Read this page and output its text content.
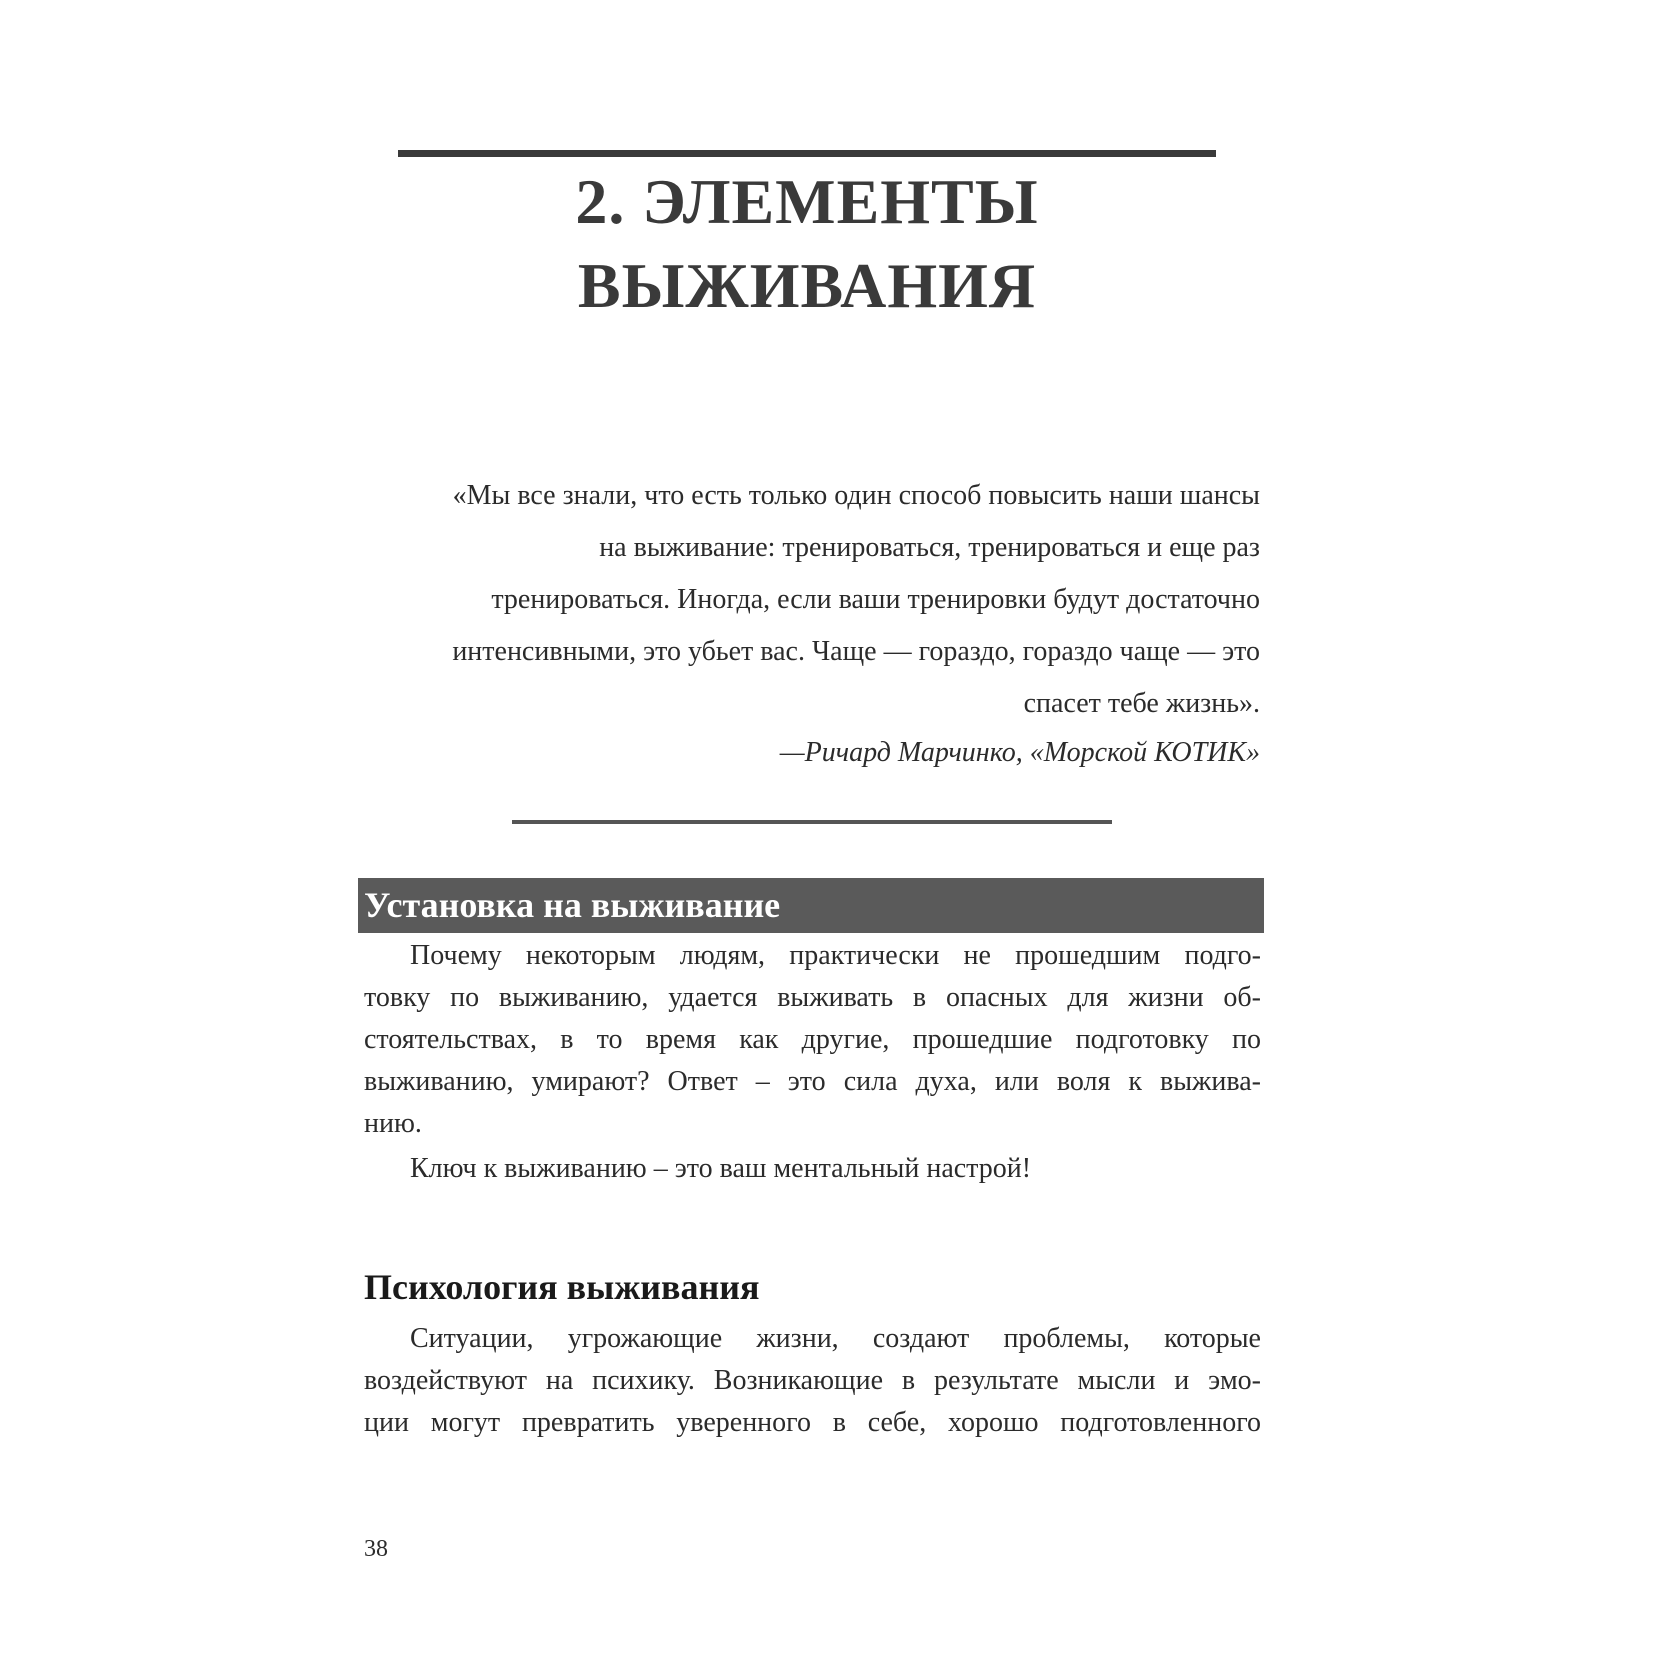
2. ЭЛЕМЕНТЫ
ВЫЖИВАНИЯ
«Мы все знали, что есть только один способ повысить наши шансы
на выживание: тренироваться, тренироваться и еще раз
тренироваться. Иногда, если ваши тренировки будут достаточно
интенсивными, это убьет вас. Чаще — гораздо, гораздо чаще — это
спасет тебе жизнь».
—Ричард Марчинко, «Морской КОТИК»
Установка на выживание
Почему некоторым людям, практически не прошедшим подго-
товку по выживанию, удается выживать в опасных для жизни об-
стоятельствах, в то время как другие, прошедшие подготовку по
выживанию, умирают? Ответ – это сила духа, или воля к выжива-
нию.
Ключ к выживанию – это ваш ментальный настрой!
Психология выживания
Ситуации, угрожающие жизни, создают проблемы, которые
воздействуют на психику. Возникающие в результате мысли и эмо-
ции могут превратить уверенного в себе, хорошо подготовленного
38
